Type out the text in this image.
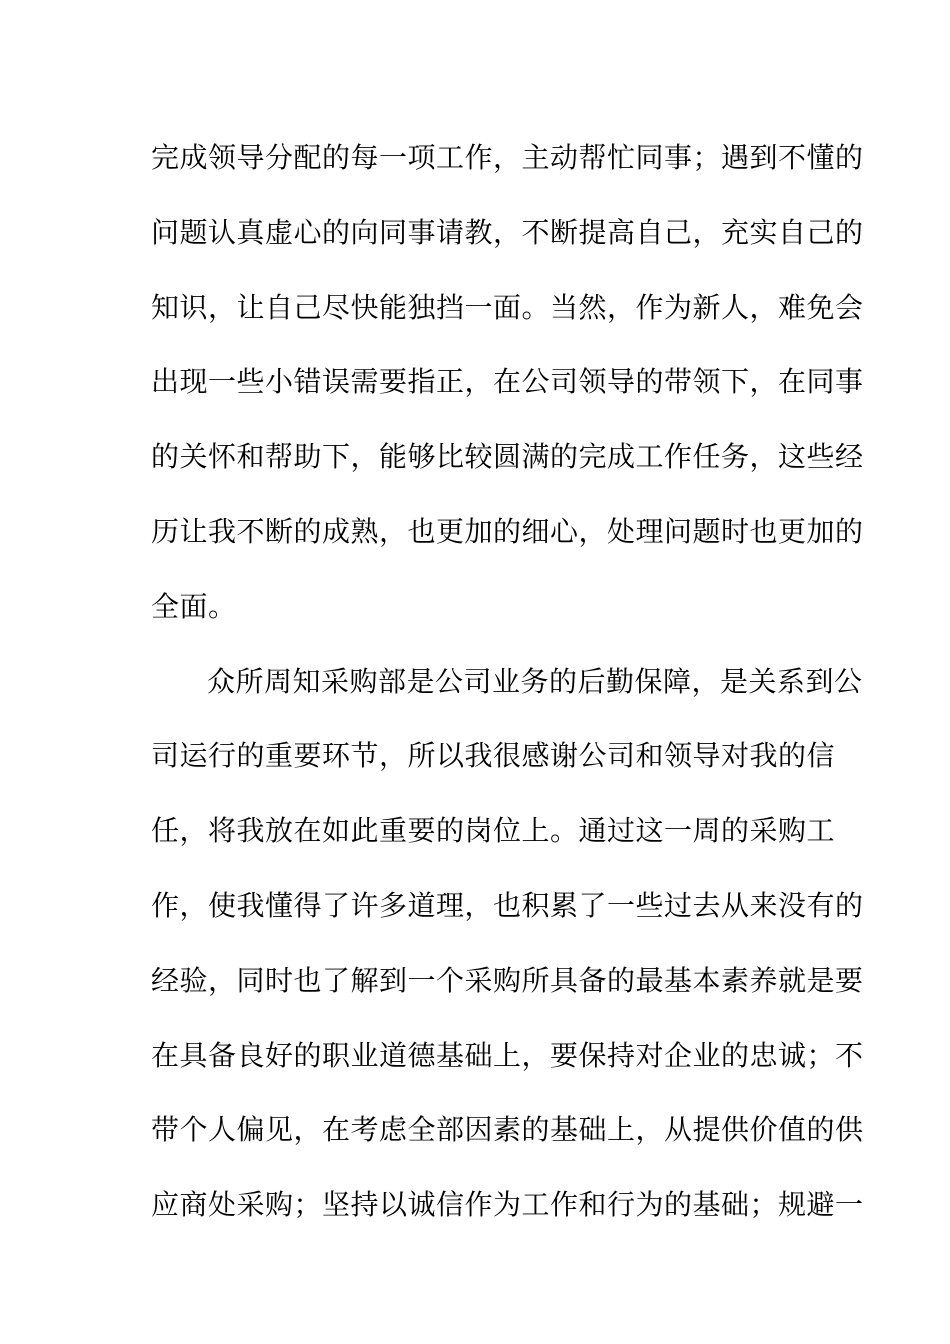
完成领导分配的每一项工作，主动帮忙同事；遇到不懂的
问题认真虚心的向同事请教，不断提高自己，充实自己的
知识，让自己尽快能独挡一面。当然，作为新人，难免会
出现一些小错误需要指正，在公司领导的带领下，在同事
的关怀和帮助下，能够比较圆满的完成工作任务，这些经
历让我不断的成熟，也更加的细心，处理问题时也更加的
全面。
众所周知采购部是公司业务的后勤保障，是关系到公
司运行的重要环节，所以我很感谢公司和领导对我的信
任，将我放在如此重要的岗位上。通过这一周的采购工
作，使我懂得了许多道理，也积累了一些过去从来没有的
经验，同时也了解到一个采购所具备的最基本素养就是要
在具备良好的职业道德基础上，要保持对企业的忠诚；不
带个人偏见，在考虑全部因素的基础上，从提供价值的供
应商处采购；坚持以诚信作为工作和行为的基础；规避一
